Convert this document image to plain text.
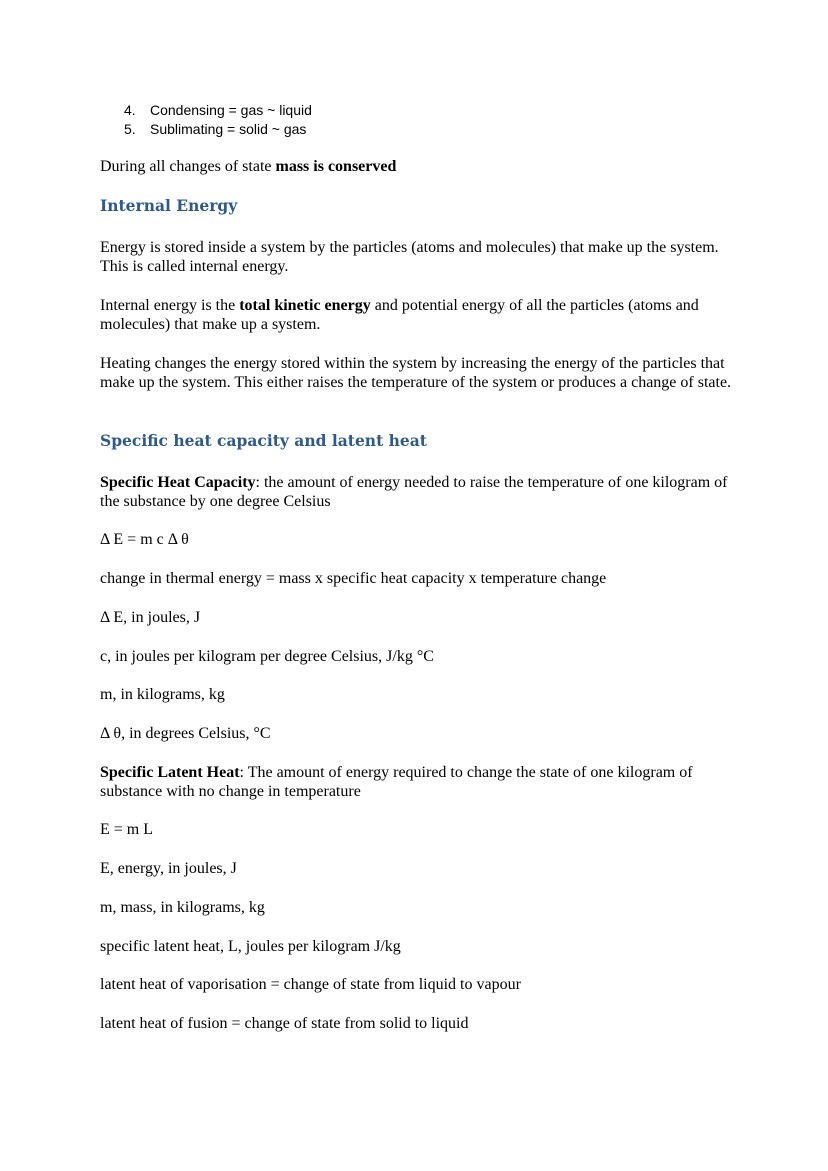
4.	Condensing = gas ~ liquid
5.	Sublimating = solid ~ gas

During all changes of state mass is conserved

Internal Energy

Energy is stored inside a system by the particles (atoms and molecules) that make up the system. This is called internal energy.

Internal energy is the total kinetic energy and potential energy of all the particles (atoms and molecules) that make up a system.

Heating changes the energy stored within the system by increasing the energy of the particles that make up the system. This either raises the temperature of the system or produces a change of state.

Specific heat capacity and latent heat

Specific Heat Capacity: the amount of energy needed to raise the temperature of one kilogram of the substance by one degree Celsius

Δ E = m c Δ θ

change in thermal energy = mass x specific heat capacity x temperature change

Δ E, in joules, J

c, in joules per kilogram per degree Celsius, J/kg °C

m, in kilograms, kg

Δ θ, in degrees Celsius, °C

Specific Latent Heat: The amount of energy required to change the state of one kilogram of substance with no change in temperature

E = m L

E, energy, in joules, J

m, mass, in kilograms, kg

specific latent heat, L, joules per kilogram J/kg

latent heat of vaporisation = change of state from liquid to vapour

latent heat of fusion = change of state from solid to liquid
